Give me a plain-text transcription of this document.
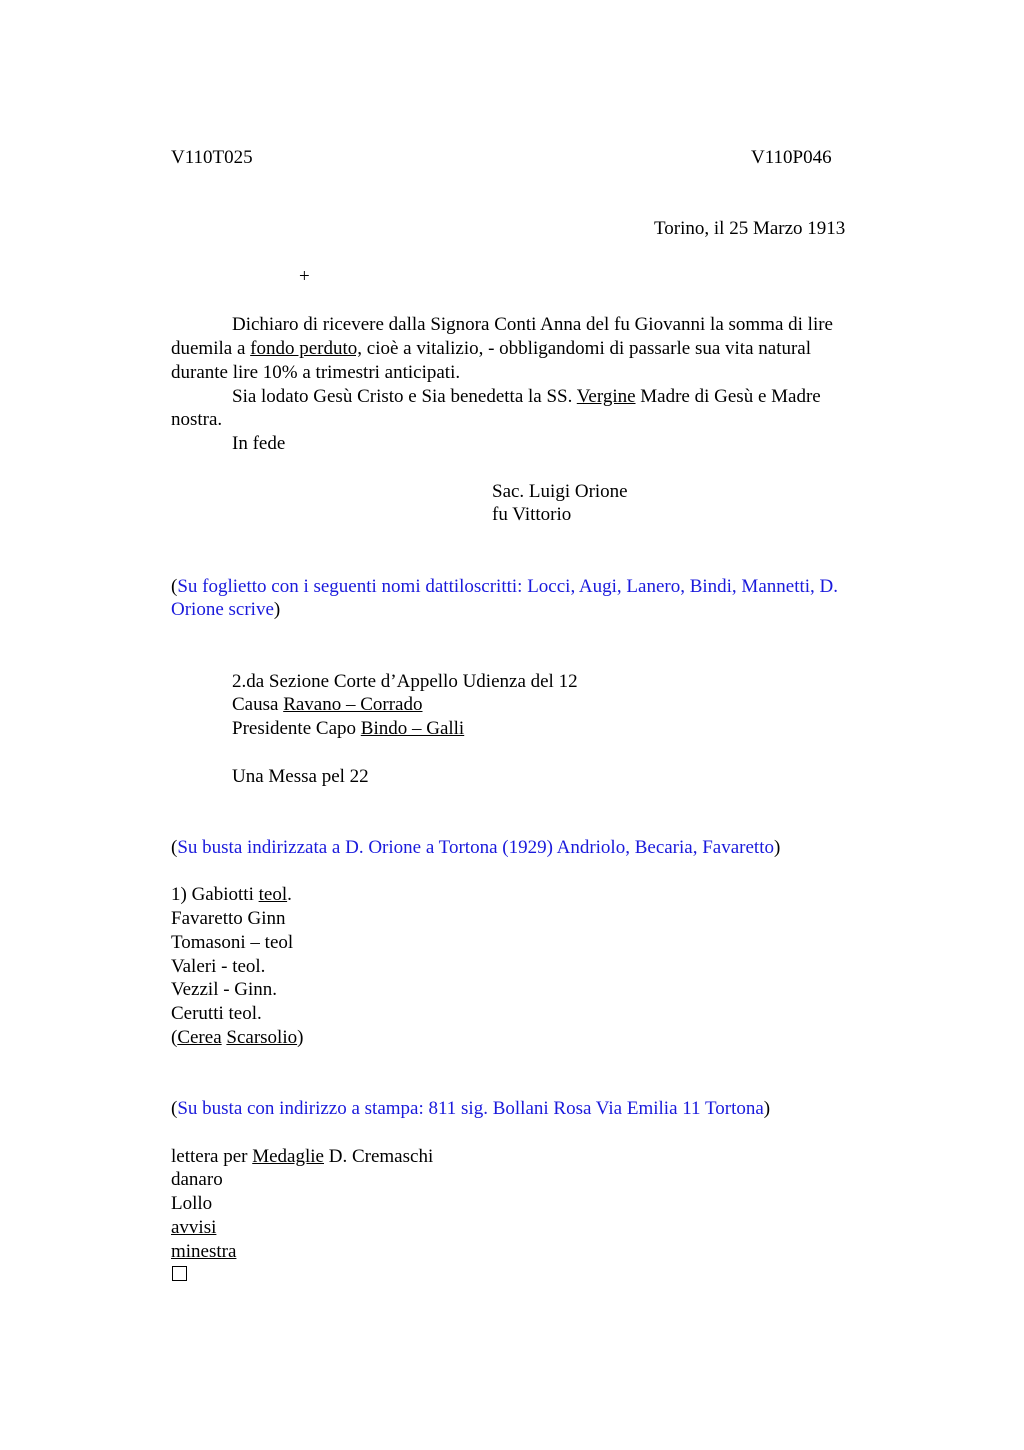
V110T025	V110P046
Torino, il 25 Marzo 1913
+
Dichiaro di ricevere dalla Signora Conti Anna del fu Giovanni la somma di lire
duemila a fondo perduto, cioè a vitalizio, - obbligandomi di passarle sua vita natural
durante lire 10% a trimestri anticipati.
Sia lodato Gesù Cristo e Sia benedetta la SS. Vergine Madre di Gesù e Madre
nostra.
In fede
Sac. Luigi Orione
fu Vittorio
(Su foglietto con i seguenti nomi dattiloscritti: Locci, Augi, Lanero, Bindi, Mannetti, D.
Orione scrive)
2.da Sezione Corte d’Appello Udienza del 12
Causa Ravano – Corrado
Presidente Capo Bindo – Galli
Una Messa pel 22
(Su busta indirizzata a D. Orione a Tortona (1929) Andriolo, Becaria, Favaretto)
1) Gabiotti teol.
Favaretto Ginn
Tomasoni – teol
Valeri - teol.
Vezzil - Ginn.
Cerutti teol.
(Cerea Scarsolio)
(Su busta con indirizzo a stampa: 811 sig. Bollani Rosa Via Emilia 11 Tortona)
lettera per Medaglie D. Cremaschi
danaro
Lollo
avvisi
minestra
